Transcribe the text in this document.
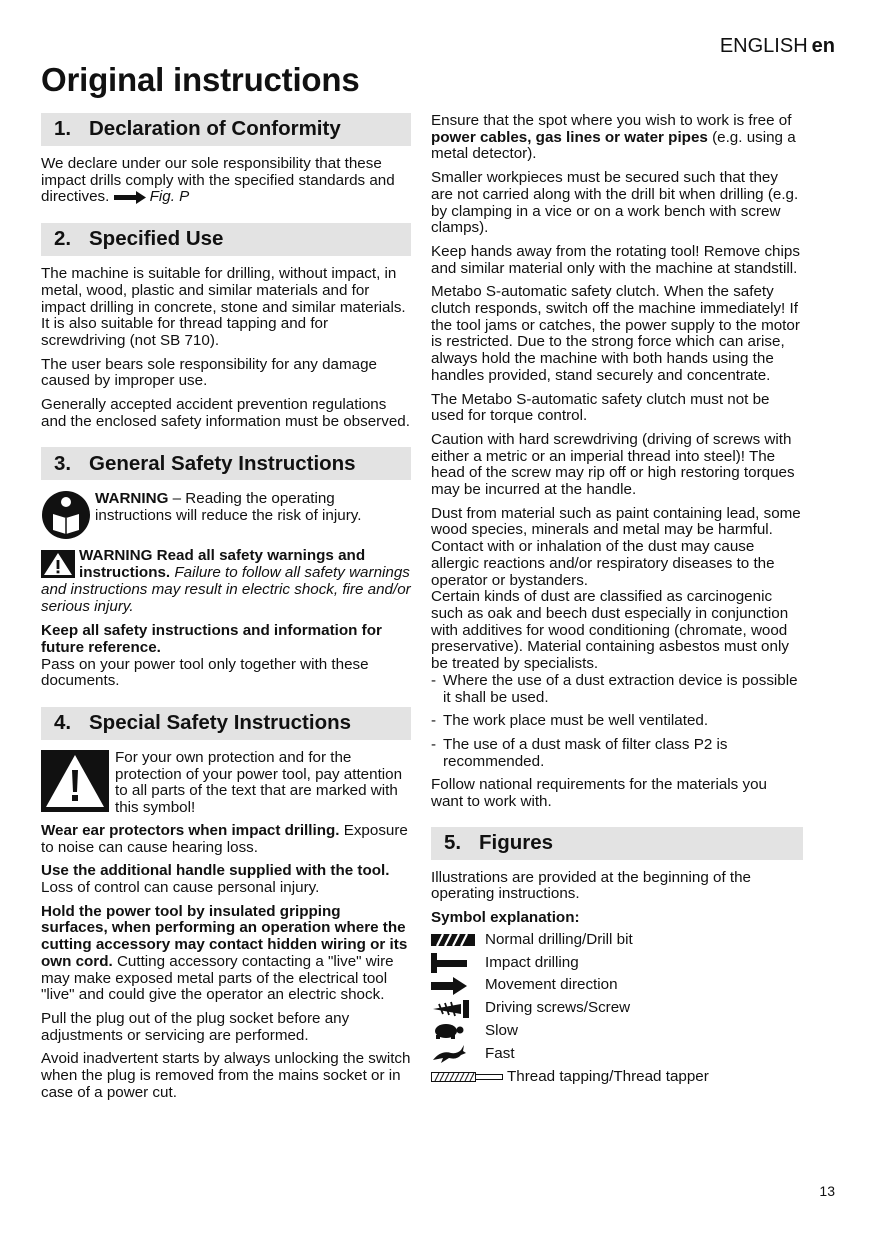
ENGLISH en
Original instructions
1. Declaration of Conformity

We declare under our sole responsibility that these impact drills comply with the specified standards and directives.	Fig. P

2. Specified Use

The machine is suitable for drilling, without impact, in metal, wood, plastic and similar materials and for impact drilling in concrete, stone and similar materials. It is also suitable for thread tapping and for screwdriving (not SB 710).

The user bears sole responsibility for any damage caused by improper use.

Generally accepted accident prevention regulations and the enclosed safety information must be observed.

3. General Safety Instructions
WARNING – Reading the operating instructions will reduce the risk of injury.

WARNING Read all safety warnings and instructions. Failure to follow all safety warnings and instructions may result in electric shock, fire and/or serious injury.

Keep all safety instructions and information for future reference.
Pass on your power tool only together with these documents.

4. Special Safety Instructions
For your own protection and for the protection of your power tool, pay attention to all parts of the text that are marked with this symbol!

Wear ear protectors when impact drilling. Exposure to noise can cause hearing loss.

Use the additional handle supplied with the tool. Loss of control can cause personal injury.

Hold the power tool by insulated gripping surfaces, when performing an operation where the cutting accessory may contact hidden wiring or its own cord. Cutting accessory contacting a "live" wire may make exposed metal parts of the electrical tool "live" and could give the operator an electric shock.

Pull the plug out of the plug socket before any adjustments or servicing are performed.

Avoid inadvertent starts by always unlocking the switch when the plug is removed from the mains socket or in case of a power cut.

Ensure that the spot where you wish to work is free of power cables, gas lines or water pipes (e.g. using a metal detector).

Smaller workpieces must be secured such that they are not carried along with the drill bit when drilling (e.g. by clamping in a vice or on a work bench with screw clamps).

Keep hands away from the rotating tool! Remove chips and similar material only with the machine at standstill.

Metabo S-automatic safety clutch. When the safety clutch responds, switch off the machine immediately! If the tool jams or catches, the power supply to the motor is restricted. Due to the strong force which can arise, always hold the machine with both hands using the handles provided, stand securely and concentrate.

The Metabo S-automatic safety clutch must not be used for torque control.

Caution with hard screwdriving (driving of screws with either a metric or an imperial thread into steel)! The head of the screw may rip off or high restoring torques may be incurred at the handle.

Dust from material such as paint containing lead, some wood species, minerals and metal may be harmful. Contact with or inhalation of the dust may cause allergic reactions and/or respiratory diseases to the operator or bystanders.

Certain kinds of dust are classified as carcinogenic such as oak and beech dust especially in conjunction with additives for wood conditioning (chromate, wood preservative). Material containing asbestos must only be treated by specialists.

- Where the use of a dust extraction device is possible it shall be used.

- The work place must be well ventilated.

- The use of a dust mask of filter class P2 is recommended.

Follow national requirements for the materials you want to work with.

5. Figures

Illustrations are provided at the beginning of the operating instructions.

Symbol explanation:

Normal drilling/Drill bit
Impact drilling
Movement direction
Driving screws/Screw
Slow
Fast
Thread tapping/Thread tapper
13
